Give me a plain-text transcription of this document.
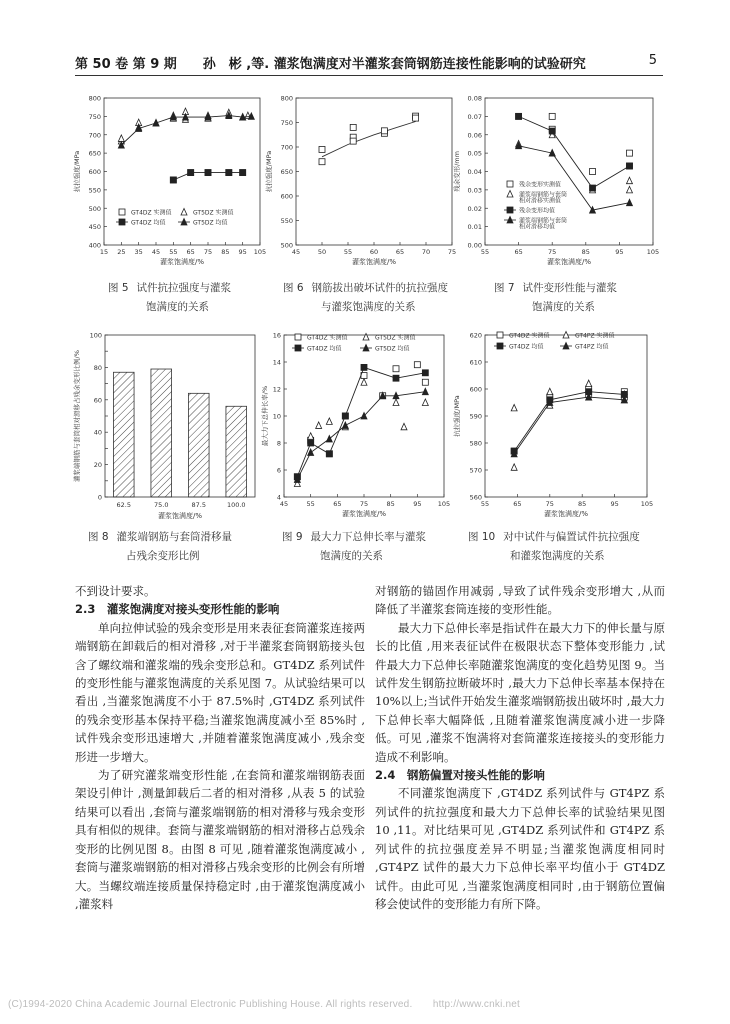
第 50 卷 第 9 期　　孙　彬 ,等. 灌浆饱满度对半灌浆套筒钢筋连接性能影响的试验研究	5
400
450
500
550
600
650
700
750
800
抗拉强度/MPa
15 25 35 45 55 65 75 85 95 105
灌浆饱满度/%
GT4DZ 实测值	GT5DZ 实测值
GT4DZ 均值	GT5DZ 均值
500
550
600
650
700
750
800
抗拉强度/MPa
45	50	55	60	65	70	75
灌浆饱满度/%
0.00
0.01
0.02
0.03
0.04
0.05
0.06
0.07
0.08
残余变形/mm
55	65	75	85	95	105
灌浆饱满度/%
残余变形实测值
灌浆端钢筋与套筒
残余变形均值
灌浆端钢筋与套筒
相对滑移实测值
相对滑移均值
0
20
40
60
80
100
灌浆端钢筋与套筒相对滑移占残余变形比例/%
62.5	75.0	87.5	100.0
灌浆饱满度/%
4
6
8
10
12
14
16
最大力下总伸长率/%
45	55	65	75	85	95	105
灌浆饱满度/%
GT4DZ 实测值	GT5DZ 实测值
GT4DZ 均值	GT5DZ 均值
560
570
580
590
600
610
620
抗拉强度/MPa
55	65	75	85	95	105
灌浆饱满度/%
GT4DZ 实测值	GT4PZ 实测值
GT4DZ 均值	GT4PZ 均值
图 5 试件抗拉强度与灌浆
饱满度的关系
图 6 钢筋拔出破坏试件的抗拉强度
与灌浆饱满度的关系
图 7 试件变形性能与灌浆
饱满度的关系
图 8 灌浆端钢筋与套筒滑移量
占残余变形比例
图 9 最大力下总伸长率与灌浆
饱满度的关系
图 10 对中试件与偏置试件抗拉强度
和灌浆饱满度的关系

不到设计要求。

2.3　灌浆饱满度对接头变形性能的影响

单向拉伸试验的残余变形是用来表征套筒灌浆连接两端钢筋在卸载后的相对滑移 ,对于半灌浆套筒钢筋接头包含了螺纹端和灌浆端的残余变形总和。GT4DZ 系列试件的变形性能与灌浆饱满度的关系见图 7。从试验结果可以看出 ,当灌浆饱满度不小于 87.5%时 ,GT4DZ 系列试件的残余变形基本保持平稳;当灌浆饱满度减小至 85%时 ,试件残余变形迅速增大 ,并随着灌浆饱满度减小 ,残余变形进一步增大。

为了研究灌浆端变形性能 ,在套筒和灌浆端钢筋表面架设引伸计 ,测量卸载后二者的相对滑移 ,从表 5 的试验结果可以看出 ,套筒与灌浆端钢筋的相对滑移与残余变形具有相似的规律。套筒与灌浆端钢筋的相对滑移占总残余变形的比例见图 8。由图 8 可见 ,随着灌浆饱满度减小 ,套筒与灌浆端钢筋的相对滑移占残余变形的比例会有所增大。当螺纹端连接质量保持稳定时 ,由于灌浆饱满度减小 ,灌浆料

对钢筋的锚固作用减弱 ,导致了试件残余变形增大 ,从而降低了半灌浆套筒连接的变形性能。

最大力下总伸长率是指试件在最大力下的伸长量与原长的比值 ,用来表征试件在极限状态下整体变形能力 ,试件最大力下总伸长率随灌浆饱满度的变化趋势见图 9。当试件发生钢筋拉断破坏时 ,最大力下总伸长率基本保持在 10%以上;当试件开始发生灌浆端钢筋拔出破坏时 ,最大力下总伸长率大幅降低 ,且随着灌浆饱满度减小进一步降低。可见 ,灌浆不饱满将对套筒灌浆连接接头的变形能力造成不利影响。

2.4　钢筋偏置对接头性能的影响

不同灌浆饱满度下 ,GT4DZ 系列试件与 GT4PZ 系列试件的抗拉强度和最大力下总伸长率的试验结果见图 10 ,11。对比结果可见 ,GT4DZ 系列试件和 GT4PZ 系列试件的抗拉强度差异不明显;当灌浆饱满度相同时 ,GT4PZ 试件的最大力下总伸长率平均值小于 GT4DZ 试件。由此可见 ,当灌浆饱满度相同时 ,由于钢筋位置偏移会使试件的变形能力有所下降。

(C)1994-2020 China Academic Journal Electronic Publishing House. All rights reserved.　　http://www.cnki.net
